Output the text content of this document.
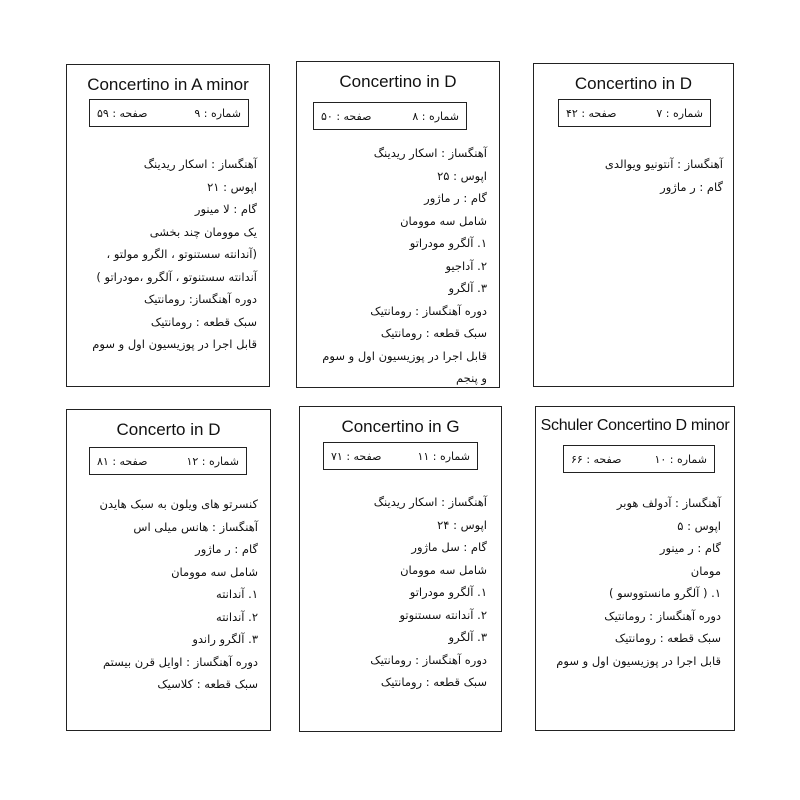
Concertino in A minor
شماره : ۹
صفحه : ۵۹
آهنگساز : اسکار ریدینگ
اپوس : ۲۱
گام : لا مینور
یک موومان چند بخشی
(آندانته سستنوتو ، الگرو مولتو ،
آندانته سستنوتو ، آلگرو ،مودراتو )
دوره آهنگساز: رومانتیک
سبک قطعه : رومانتیک
قابل اجرا در پوزیسیون اول و سوم
Concertino in D
شماره : ۸
صفحه : ۵۰
آهنگساز : اسکار ریدینگ
اپوس : ۲۵
گام : ر ماژور
شامل سه موومان
۱. آلگرو مودراتو
۲. آداجیو
۳. آلگرو
دوره آهنگساز : رومانتیک
سبک قطعه : رومانتیک
قابل اجرا در پوزیسیون اول و سوم
و پنجم
Concertino in D
شماره : ۷
صفحه : ۴۲
آهنگساز : آنتونیو ویوالدی
گام : ر ماژور
Concerto in D
شماره : ۱۲
صفحه : ۸۱
کنسرتو های ویلون به سبک هایدن
آهنگساز : هانس میلی اس
گام : ر ماژور
شامل سه موومان
۱. آندانته
۲. آندانته
۳. آلگرو راندو
دوره آهنگساز : اوایل قرن بیستم
سبک قطعه : کلاسیک
Concertino in G
شماره : ۱۱
صفحه : ۷۱
آهنگساز : اسکار ریدینگ
اپوس : ۲۴
گام : سل ماژور
شامل سه موومان
۱. آلگرو مودراتو
۲. آندانته سستنوتو
۳. آلگرو
دوره آهنگساز : رومانتیک
سبک قطعه : رومانتیک
Schuler Concertino D minor
شماره : ۱۰
صفحه : ۶۶
آهنگساز : آدولف هوبر
اپوس : ۵
گام : ر مینور
مومان
۱. ( آلگرو مانستووسو )
دوره آهنگساز : رومانتیک
سبک قطعه : رومانتیک
قابل اجرا در پوزیسیون اول و سوم
